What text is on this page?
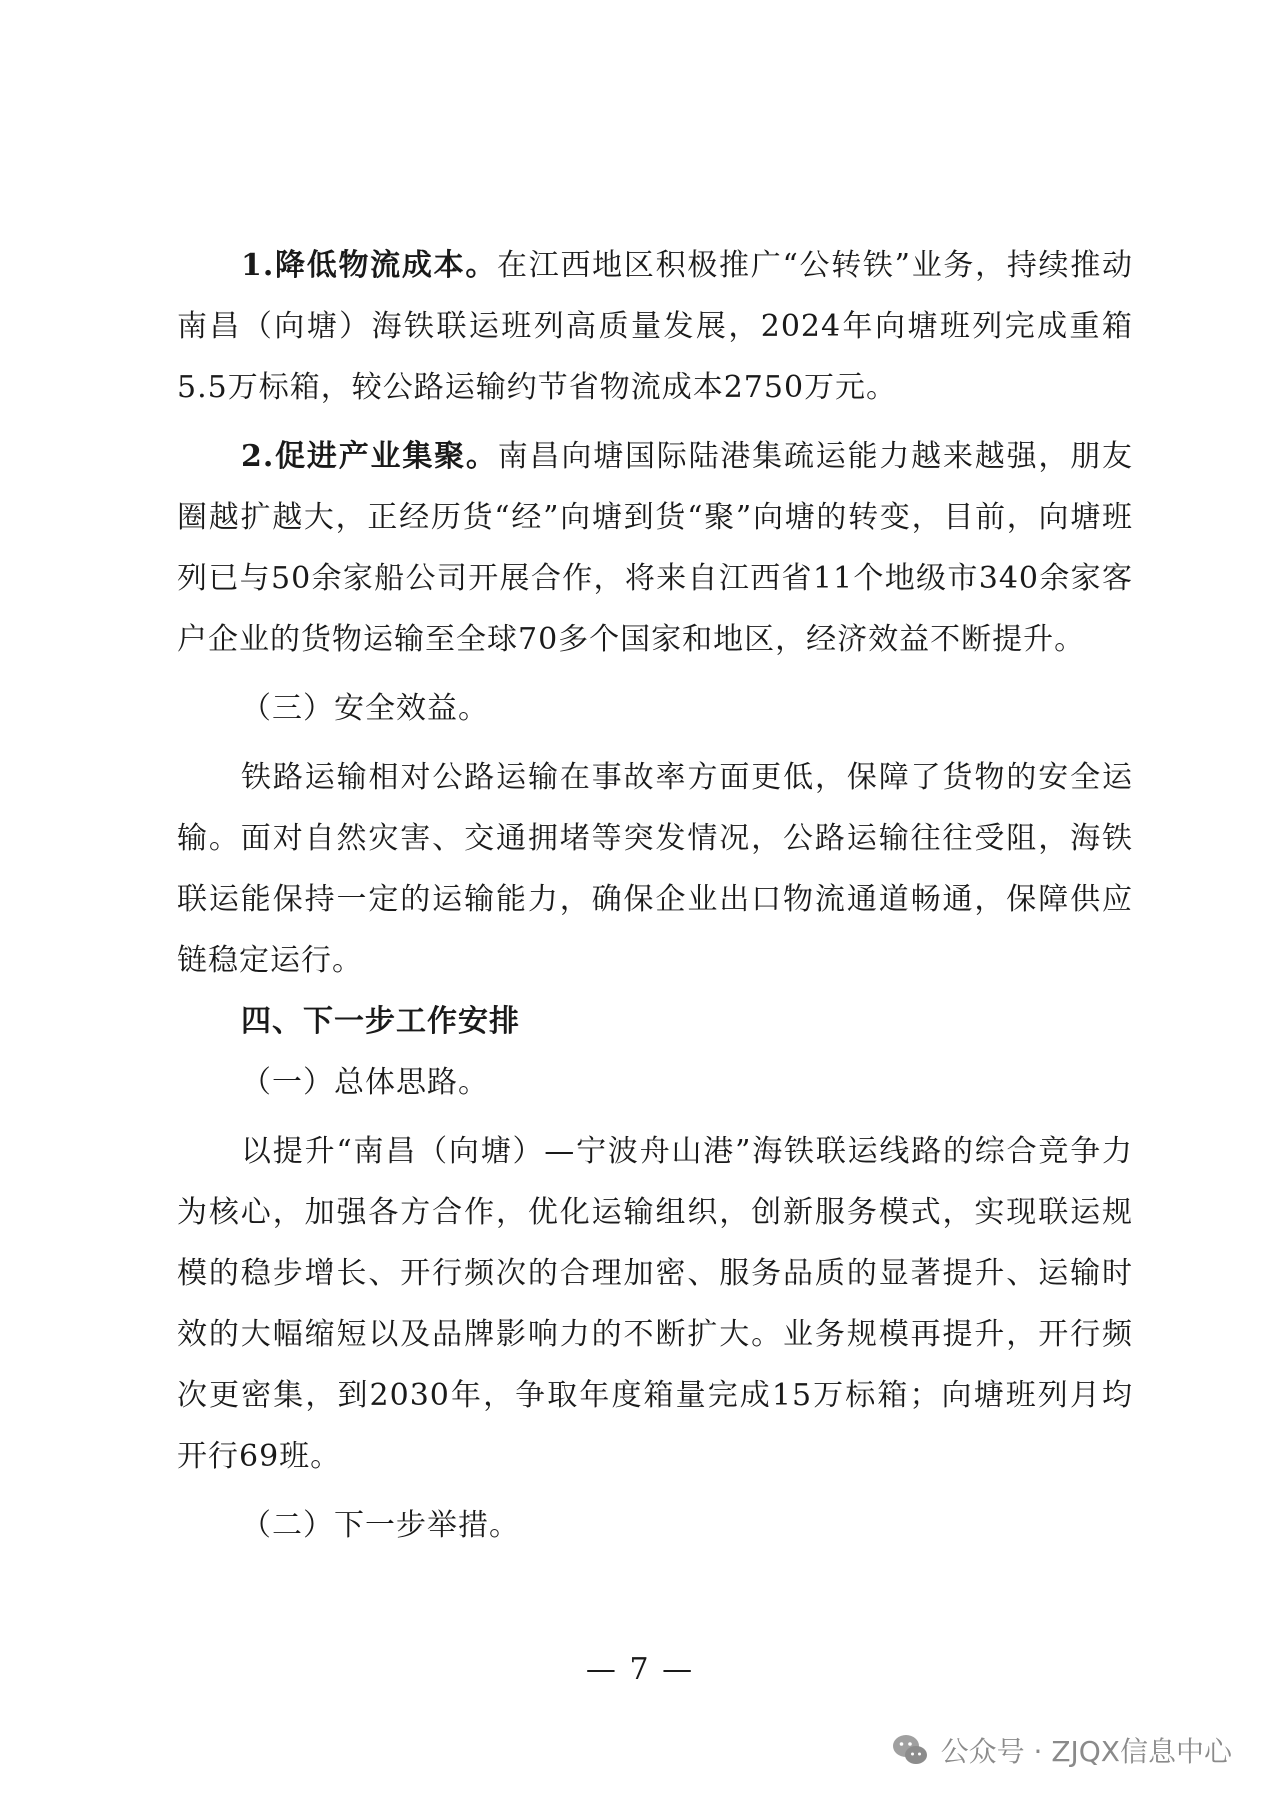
1.降低物流成本。在江西地区积极推广“公转铁”业务，持续推动南昌（向塘）海铁联运班列高质量发展，2024年向塘班列完成重箱5.5万标箱，较公路运输约节省物流成本2750万元。

2.促进产业集聚。南昌向塘国际陆港集疏运能力越来越强，朋友圈越扩越大，正经历货“经”向塘到货“聚”向塘的转变，目前，向塘班列已与50余家船公司开展合作，将来自江西省11个地级市340余家客户企业的货物运输至全球70多个国家和地区，经济效益不断提升。

（三）安全效益。

铁路运输相对公路运输在事故率方面更低，保障了货物的安全运输。面对自然灾害、交通拥堵等突发情况，公路运输往往受阻，海铁联运能保持一定的运输能力，确保企业出口物流通道畅通，保障供应链稳定运行。

四、下一步工作安排

（一）总体思路。

以提升“南昌（向塘）—宁波舟山港”海铁联运线路的综合竞争力为核心，加强各方合作，优化运输组织，创新服务模式，实现联运规模的稳步增长、开行频次的合理加密、服务品质的显著提升、运输时效的大幅缩短以及品牌影响力的不断扩大。业务规模再提升，开行频次更密集，到2030年，争取年度箱量完成15万标箱；向塘班列月均开行69班。

（二）下一步举措。

— 7 —
公众号 · ZJQX信息中心
